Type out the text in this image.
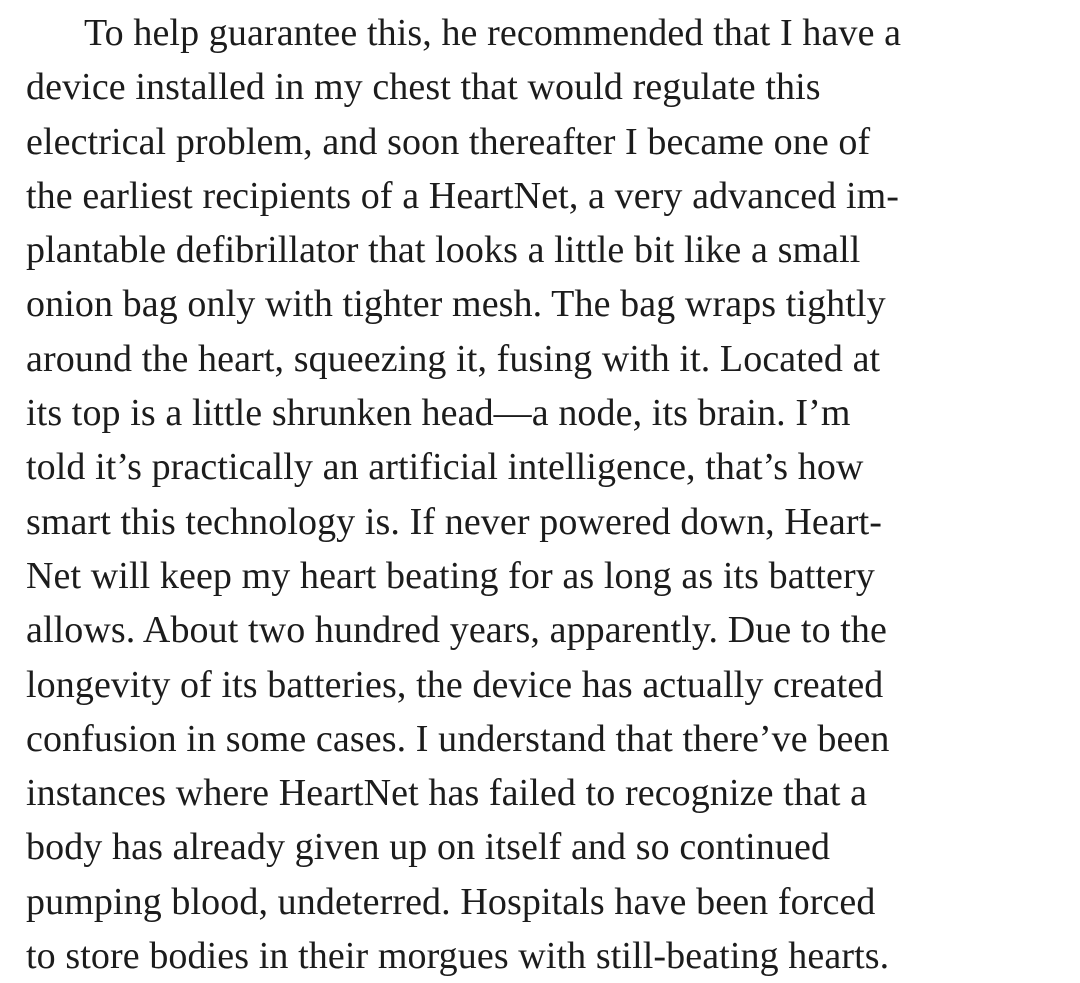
To help guarantee this, he recommended that I have a
device installed in my chest that would regulate this
electrical problem, and soon thereafter I became one of
the earliest recipients of a HeartNet, a very advanced im-
plantable defibrillator that looks a little bit like a small
onion bag only with tighter mesh. The bag wraps tightly
around the heart, squeezing it, fusing with it. Located at
its top is a little shrunken head—a node, its brain. I’m
told it’s practically an artificial intelligence, that’s how
smart this technology is. If never powered down, Heart-
Net will keep my heart beating for as long as its battery
allows. About two hundred years, apparently. Due to the
longevity of its batteries, the device has actually created
confusion in some cases. I understand that there’ve been
instances where HeartNet has failed to recognize that a
body has already given up on itself and so continued
pumping blood, undeterred. Hospitals have been forced
to store bodies in their morgues with still-beating hearts.
